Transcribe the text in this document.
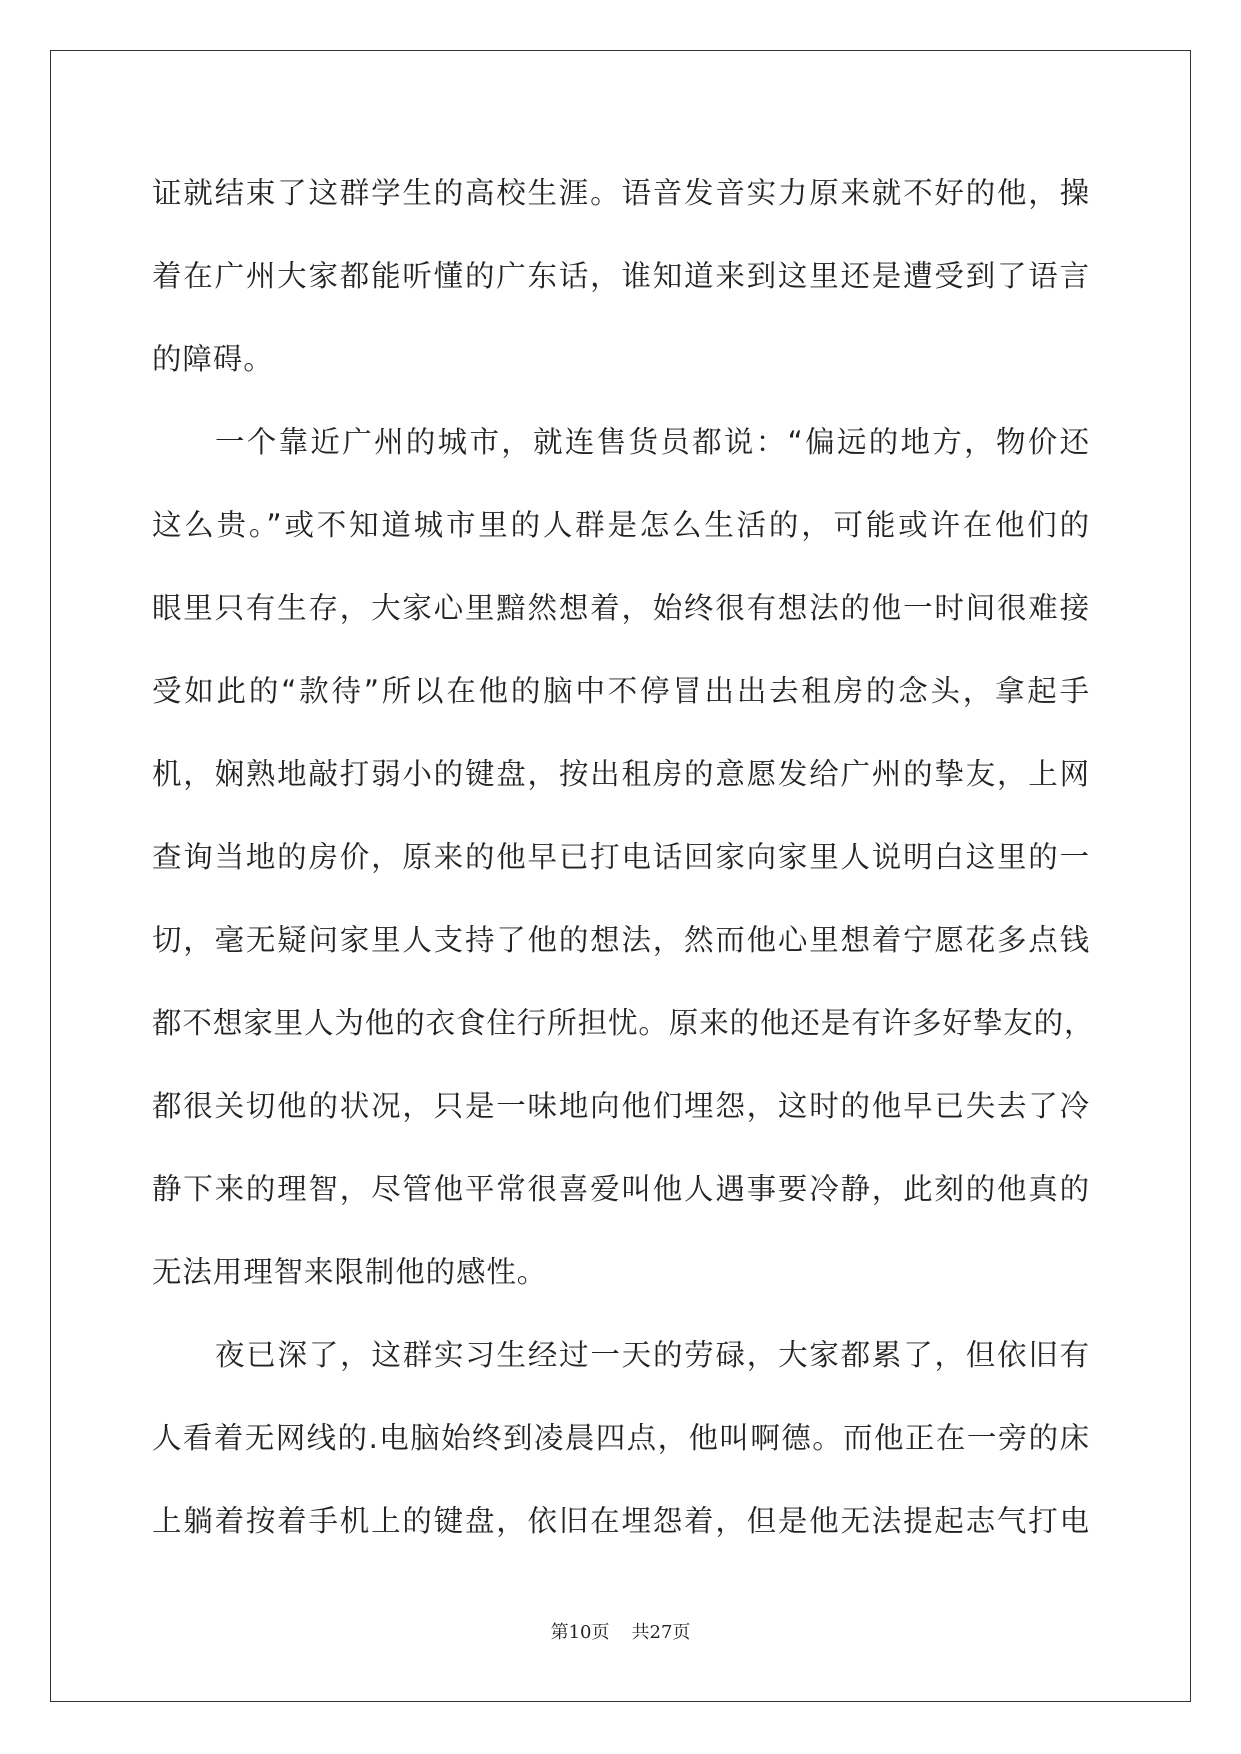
证就结束了这群学生的高校生涯。语音发音实力原来就不好的他，操
着在广州大家都能听懂的广东话，谁知道来到这里还是遭受到了语言
的障碍。
一个靠近广州的城市，就连售货员都说：“偏远的地方，物价还
这么贵。”或不知道城市里的人群是怎么生活的，可能或许在他们的
眼里只有生存，大家心里黯然想着，始终很有想法的他一时间很难接
受如此的“款待”所以在他的脑中不停冒出出去租房的念头，拿起手
机，娴熟地敲打弱小的键盘，按出租房的意愿发给广州的挚友，上网
查询当地的房价，原来的他早已打电话回家向家里人说明白这里的一
切，毫无疑问家里人支持了他的想法，然而他心里想着宁愿花多点钱
都不想家里人为他的衣食住行所担忧。原来的他还是有许多好挚友的，
都很关切他的状况，只是一味地向他们埋怨，这时的他早已失去了冷
静下来的理智，尽管他平常很喜爱叫他人遇事要冷静，此刻的他真的
无法用理智来限制他的感性。
夜已深了，这群实习生经过一天的劳碌，大家都累了，但依旧有
人看着无网线的.电脑始终到凌晨四点，他叫啊德。而他正在一旁的床
上躺着按着手机上的键盘，依旧在埋怨着，但是他无法提起志气打电
第10页 共27页
